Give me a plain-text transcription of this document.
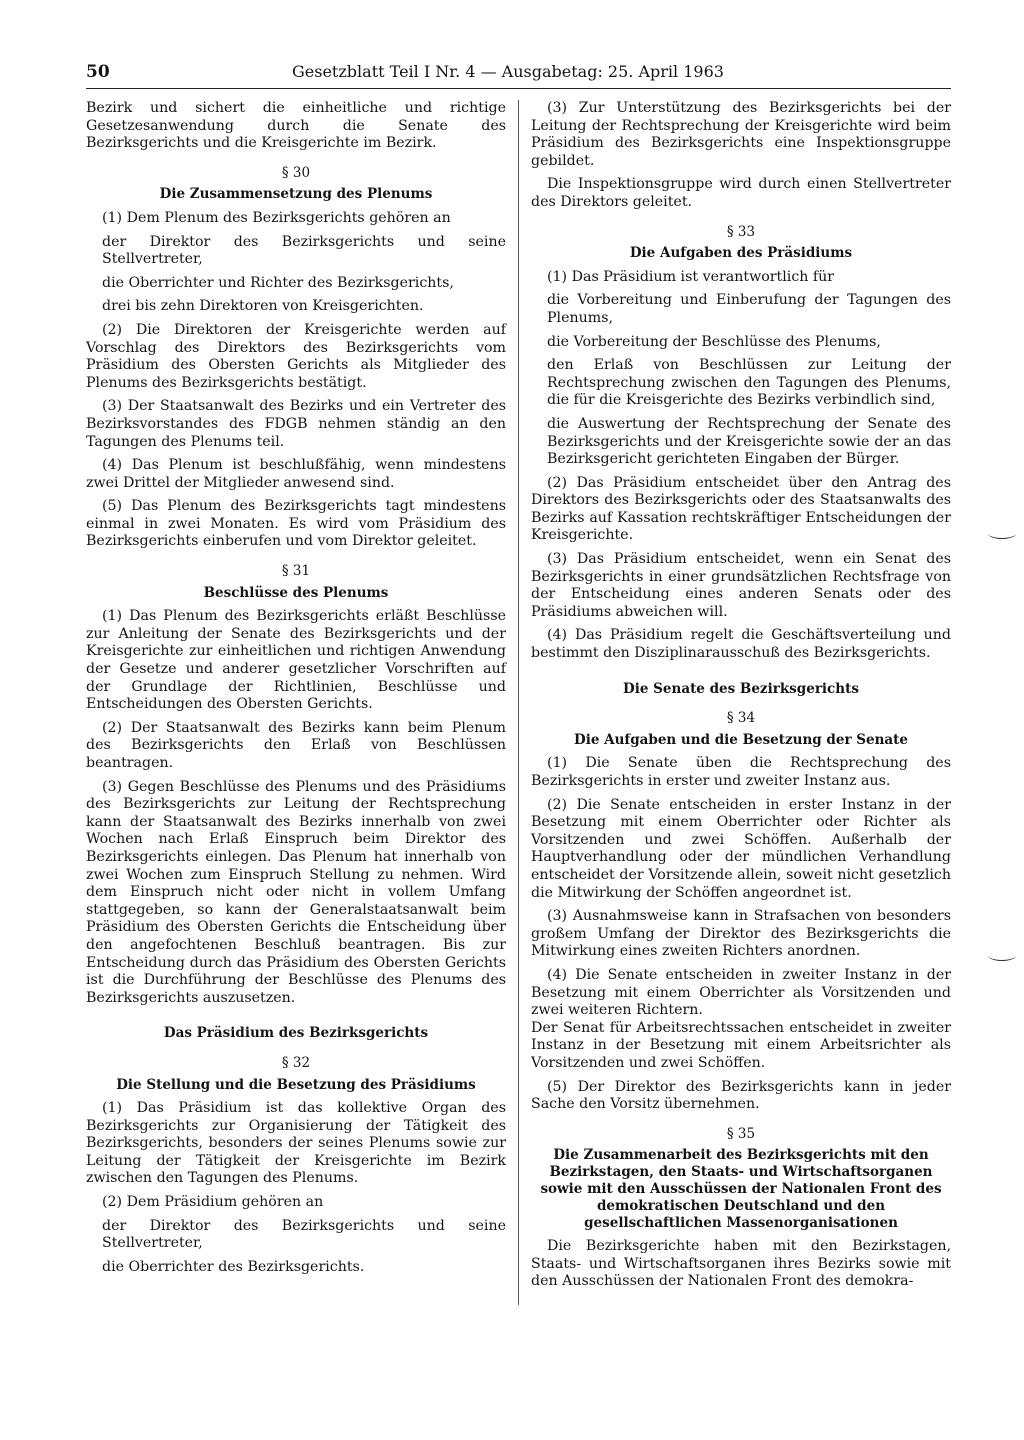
50	Gesetzblatt Teil I Nr. 4 — Ausgabetag: 25. April 1963

Bezirk und sichert die einheitliche und richtige Gesetzesanwendung durch die Senate des Bezirksgerichts und die Kreisgerichte im Bezirk.

§ 30
Die Zusammensetzung des Plenums

(1) Dem Plenum des Bezirksgerichts gehören an

der Direktor des Bezirksgerichts und seine Stellvertreter,

die Oberrichter und Richter des Bezirksgerichts,

drei bis zehn Direktoren von Kreisgerichten.

(2) Die Direktoren der Kreisgerichte werden auf Vorschlag des Direktors des Bezirksgerichts vom Präsidium des Obersten Gerichts als Mitglieder des Plenums des Bezirksgerichts bestätigt.

(3) Der Staatsanwalt des Bezirks und ein Vertreter des Bezirksvorstandes des FDGB nehmen ständig an den Tagungen des Plenums teil.

(4) Das Plenum ist beschlußfähig, wenn mindestens zwei Drittel der Mitglieder anwesend sind.

(5) Das Plenum des Bezirksgerichts tagt mindestens einmal in zwei Monaten. Es wird vom Präsidium des Bezirksgerichts einberufen und vom Direktor geleitet.

§ 31
Beschlüsse des Plenums

(1) Das Plenum des Bezirksgerichts erläßt Beschlüsse zur Anleitung der Senate des Bezirksgerichts und der Kreisgerichte zur einheitlichen und richtigen Anwendung der Gesetze und anderer gesetzlicher Vorschriften auf der Grundlage der Richtlinien, Beschlüsse und Entscheidungen des Obersten Gerichts.

(2) Der Staatsanwalt des Bezirks kann beim Plenum des Bezirksgerichts den Erlaß von Beschlüssen beantragen.

(3) Gegen Beschlüsse des Plenums und des Präsidiums des Bezirksgerichts zur Leitung der Rechtsprechung kann der Staatsanwalt des Bezirks innerhalb von zwei Wochen nach Erlaß Einspruch beim Direktor des Bezirksgerichts einlegen. Das Plenum hat innerhalb von zwei Wochen zum Einspruch Stellung zu nehmen. Wird dem Einspruch nicht oder nicht in vollem Umfang stattgegeben, so kann der Generalstaatsanwalt beim Präsidium des Obersten Gerichts die Entscheidung über den angefochtenen Beschluß beantragen. Bis zur Entscheidung durch das Präsidium des Obersten Gerichts ist die Durchführung der Beschlüsse des Plenums des Bezirksgerichts auszusetzen.

Das Präsidium des Bezirksgerichts
§ 32
Die Stellung und die Besetzung des Präsidiums

(1) Das Präsidium ist das kollektive Organ des Bezirksgerichts zur Organisierung der Tätigkeit des Bezirksgerichts, besonders der seines Plenums sowie zur Leitung der Tätigkeit der Kreisgerichte im Bezirk zwischen den Tagungen des Plenums.

(2) Dem Präsidium gehören an

der Direktor des Bezirksgerichts und seine Stellvertreter,

die Oberrichter des Bezirksgerichts.

(3) Zur Unterstützung des Bezirksgerichts bei der Leitung der Rechtsprechung der Kreisgerichte wird beim Präsidium des Bezirksgerichts eine Inspektionsgruppe gebildet.

Die Inspektionsgruppe wird durch einen Stellvertreter des Direktors geleitet.

§ 33
Die Aufgaben des Präsidiums

(1) Das Präsidium ist verantwortlich für

die Vorbereitung und Einberufung der Tagungen des Plenums,

die Vorbereitung der Beschlüsse des Plenums,

den Erlaß von Beschlüssen zur Leitung der Rechtsprechung zwischen den Tagungen des Plenums, die für die Kreisgerichte des Bezirks verbindlich sind,

die Auswertung der Rechtsprechung der Senate des Bezirksgerichts und der Kreisgerichte sowie der an das Bezirksgericht gerichteten Eingaben der Bürger.

(2) Das Präsidium entscheidet über den Antrag des Direktors des Bezirksgerichts oder des Staatsanwalts des Bezirks auf Kassation rechtskräftiger Entscheidungen der Kreisgerichte.

(3) Das Präsidium entscheidet, wenn ein Senat des Bezirksgerichts in einer grundsätzlichen Rechtsfrage von der Entscheidung eines anderen Senats oder des Präsidiums abweichen will.

(4) Das Präsidium regelt die Geschäftsverteilung und bestimmt den Disziplinarausschuß des Bezirksgerichts.

Die Senate des Bezirksgerichts
§ 34
Die Aufgaben und die Besetzung der Senate

(1) Die Senate üben die Rechtsprechung des Bezirksgerichts in erster und zweiter Instanz aus.

(2) Die Senate entscheiden in erster Instanz in der Besetzung mit einem Oberrichter oder Richter als Vorsitzenden und zwei Schöffen. Außerhalb der Hauptverhandlung oder der mündlichen Verhandlung entscheidet der Vorsitzende allein, soweit nicht gesetzlich die Mitwirkung der Schöffen angeordnet ist.

(3) Ausnahmsweise kann in Strafsachen von besonders großem Umfang der Direktor des Bezirksgerichts die Mitwirkung eines zweiten Richters anordnen.

(4) Die Senate entscheiden in zweiter Instanz in der Besetzung mit einem Oberrichter als Vorsitzenden und zwei weiteren Richtern.

Der Senat für Arbeitsrechtssachen entscheidet in zweiter Instanz in der Besetzung mit einem Arbeitsrichter als Vorsitzenden und zwei Schöffen.

(5) Der Direktor des Bezirksgerichts kann in jeder Sache den Vorsitz übernehmen.

§ 35
Die Zusammenarbeit des Bezirksgerichts mit den Bezirkstagen, den Staats- und Wirtschaftsorganen sowie mit den Ausschüssen der Nationalen Front des demokratischen Deutschland und den gesellschaftlichen Massenorganisationen

Die Bezirksgerichte haben mit den Bezirkstagen, Staats- und Wirtschaftsorganen ihres Bezirks sowie mit den Ausschüssen der Nationalen Front des demokra-
